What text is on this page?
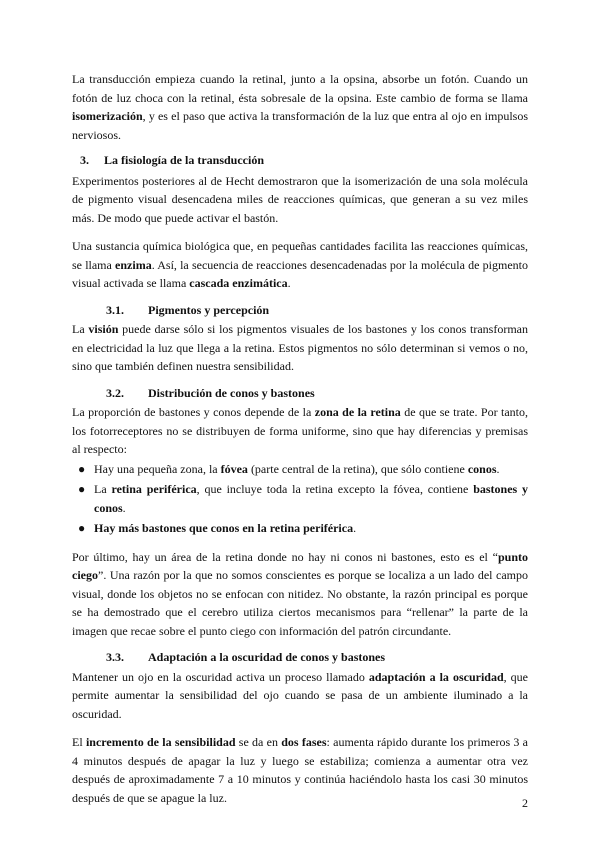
La transducción empieza cuando la retinal, junto a la opsina, absorbe un fotón. Cuando un fotón de luz choca con la retinal, ésta sobresale de la opsina. Este cambio de forma se llama isomerización, y es el paso que activa la transformación de la luz que entra al ojo en impulsos nerviosos.

3. La fisiología de la transducción

Experimentos posteriores al de Hecht demostraron que la isomerización de una sola molécula de pigmento visual desencadena miles de reacciones químicas, que generan a su vez miles más. De modo que puede activar el bastón.

Una sustancia química biológica que, en pequeñas cantidades facilita las reacciones químicas, se llama enzima. Así, la secuencia de reacciones desencadenadas por la molécula de pigmento visual activada se llama cascada enzimática.

3.1. Pigmentos y percepción

La visión puede darse sólo si los pigmentos visuales de los bastones y los conos transforman en electricidad la luz que llega a la retina. Estos pigmentos no sólo determinan si vemos o no, sino que también definen nuestra sensibilidad.

3.2. Distribución de conos y bastones

La proporción de bastones y conos depende de la zona de la retina de que se trate. Por tanto, los fotorreceptores no se distribuyen de forma uniforme, sino que hay diferencias y premisas al respecto:

● Hay una pequeña zona, la fóvea (parte central de la retina), que sólo contiene conos.
● La retina periférica, que incluye toda la retina excepto la fóvea, contiene bastones y conos.
● Hay más bastones que conos en la retina periférica.

Por último, hay un área de la retina donde no hay ni conos ni bastones, esto es el “punto ciego”. Una razón por la que no somos conscientes es porque se localiza a un lado del campo visual, donde los objetos no se enfocan con nitidez. No obstante, la razón principal es porque se ha demostrado que el cerebro utiliza ciertos mecanismos para “rellenar” la parte de la imagen que recae sobre el punto ciego con información del patrón circundante.

3.3. Adaptación a la oscuridad de conos y bastones

Mantener un ojo en la oscuridad activa un proceso llamado adaptación a la oscuridad, que permite aumentar la sensibilidad del ojo cuando se pasa de un ambiente iluminado a la oscuridad.

El incremento de la sensibilidad se da en dos fases: aumenta rápido durante los primeros 3 a 4 minutos después de apagar la luz y luego se estabiliza; comienza a aumentar otra vez después de aproximadamente 7 a 10 minutos y continúa haciéndolo hasta los casi 30 minutos después de que se apague la luz.	2
